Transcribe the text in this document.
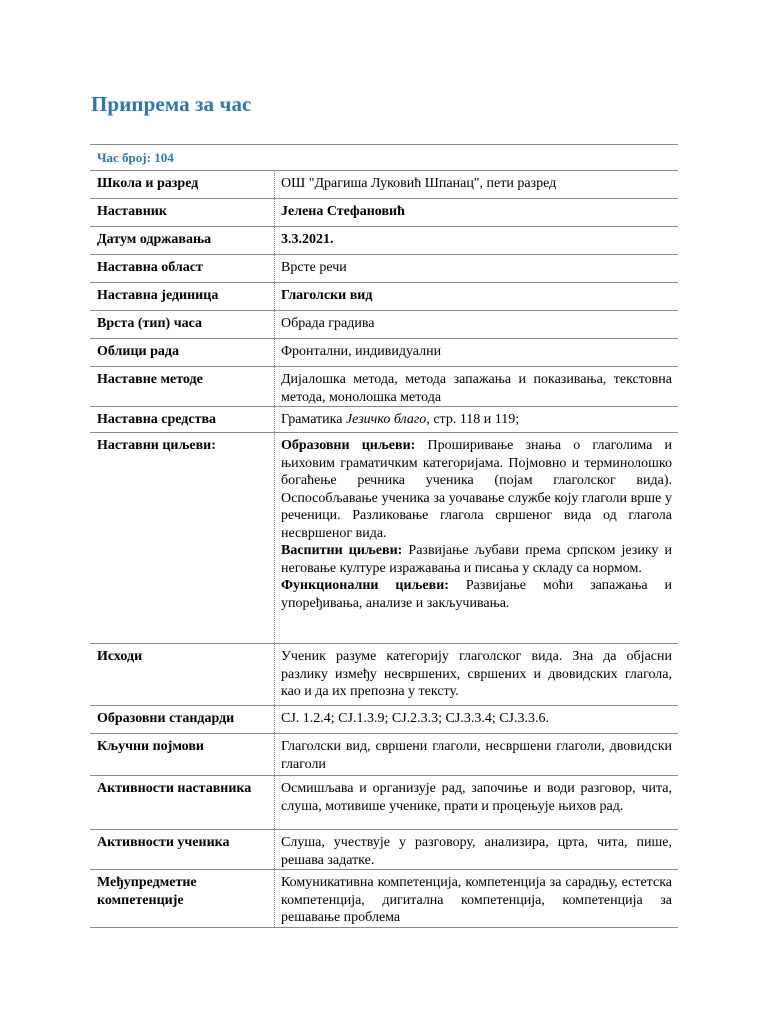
Припрема за час
Час број: 104	
Школа и разред	ОШ "Драгиша Луковић Шпанац", пети разред
Наставник	Јелена Стефановић
Датум одржавања	3.3.2021.
Наставна област	Врсте речи
Наставна јединица	Глаголски вид
Врста (тип) часа	Обрада градива
Облици рада	Фронтални, индивидуални
Наставне методе	Дијалошка метода, метода запажања и показивања, текстовна метода, монолошка метода
Наставна средства	Граматика Језичко благо, стр. 118 и 119;
Наставни циљеви:	Образовни циљеви: Проширивање знања о глаголима и њиховим граматичким категоријама. Појмовно и терминолошко богаћење речника ученика (појам глаголског вида). Оспособљавање ученика за уочавање службе коју глаголи врше у реченици. Разликовање глагола свршеног вида од глагола несвршеног вида.
Васпитни циљеви: Развијање љубави према српском језику и неговање културе изражавања и писања у складу са нормом.
Функционални циљеви: Развијање моћи запажања и упоређивања, анализе и закључивања.

Исходи	Ученик разуме категорију глаголског вида. Зна да објасни разлику између несвршених, свршених и двовидских глагола, као и да их препозна у тексту.
Образовни стандарди	СЈ. 1.2.4; СЈ.1.3.9; СЈ.2.3.3; СЈ.3.3.4; СЈ.3.3.6.
Кључни појмови	Глаголски вид, свршени глаголи, несвршени глаголи, двовидски глаголи
Активности наставника	Осмишљава и организује рад, започиње и води разговор, чита, слуша, мотивише ученике, прати и процењује њихов рад.
Активности ученика	Слуша, учествује у разговору, анализира, црта, чита, пише, решава задатке.
Међупредметне компетенције	Комуникативна компетенција, компетенција за сарадњу, естетска компетенција, дигитална компетенција, компетенција за решавање проблема
